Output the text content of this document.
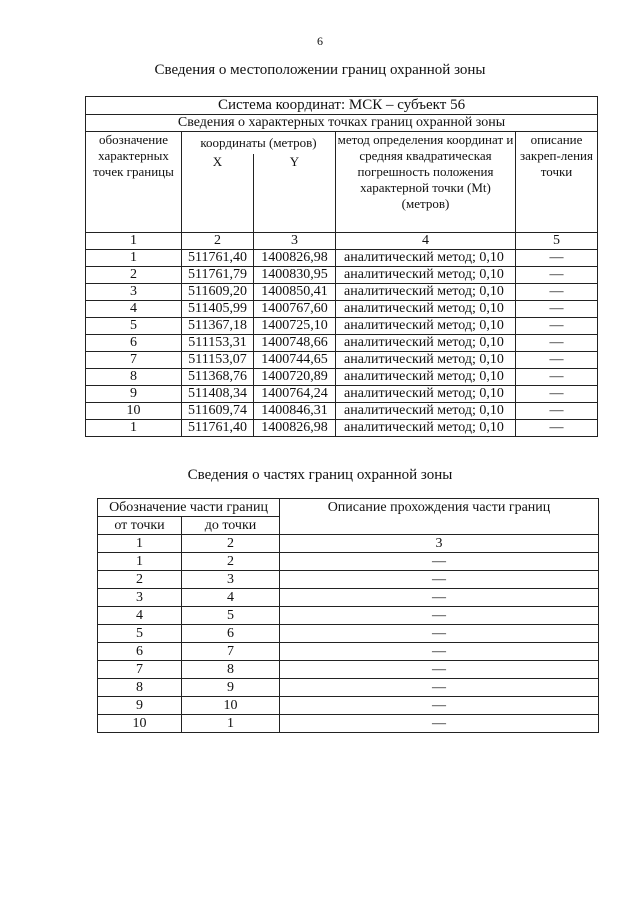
6
Сведения о местоположении границ охранной зоны
Система координат: МСК – субъект 56				
Сведения о характерных точках границ охранной зоны				
обозначение характерных точек границы	координаты (метров)		метод определения координат и средняя квадратическая погрешность положения характерной точки (Mt) (метров)	описание закреп-ления точки
	X	Y		
1	2	3	4	5
1	511761,40	1400826,98	аналитический метод; 0,10	—
2	511761,79	1400830,95	аналитический метод; 0,10	—
3	511609,20	1400850,41	аналитический метод; 0,10	—
4	511405,99	1400767,60	аналитический метод; 0,10	—
5	511367,18	1400725,10	аналитический метод; 0,10	—
6	511153,31	1400748,66	аналитический метод; 0,10	—
7	511153,07	1400744,65	аналитический метод; 0,10	—
8	511368,76	1400720,89	аналитический метод; 0,10	—
9	511408,34	1400764,24	аналитический метод; 0,10	—
10	511609,74	1400846,31	аналитический метод; 0,10	—
1	511761,40	1400826,98	аналитический метод; 0,10	—
Сведения о частях границ охранной зоны
Обозначение части границ		Описание прохождения части границ
от точки	до точки	
1	2	3
1	2	—
2	3	—
3	4	—
4	5	—
5	6	—
6	7	—
7	8	—
8	9	—
9	10	—
10	1	—
